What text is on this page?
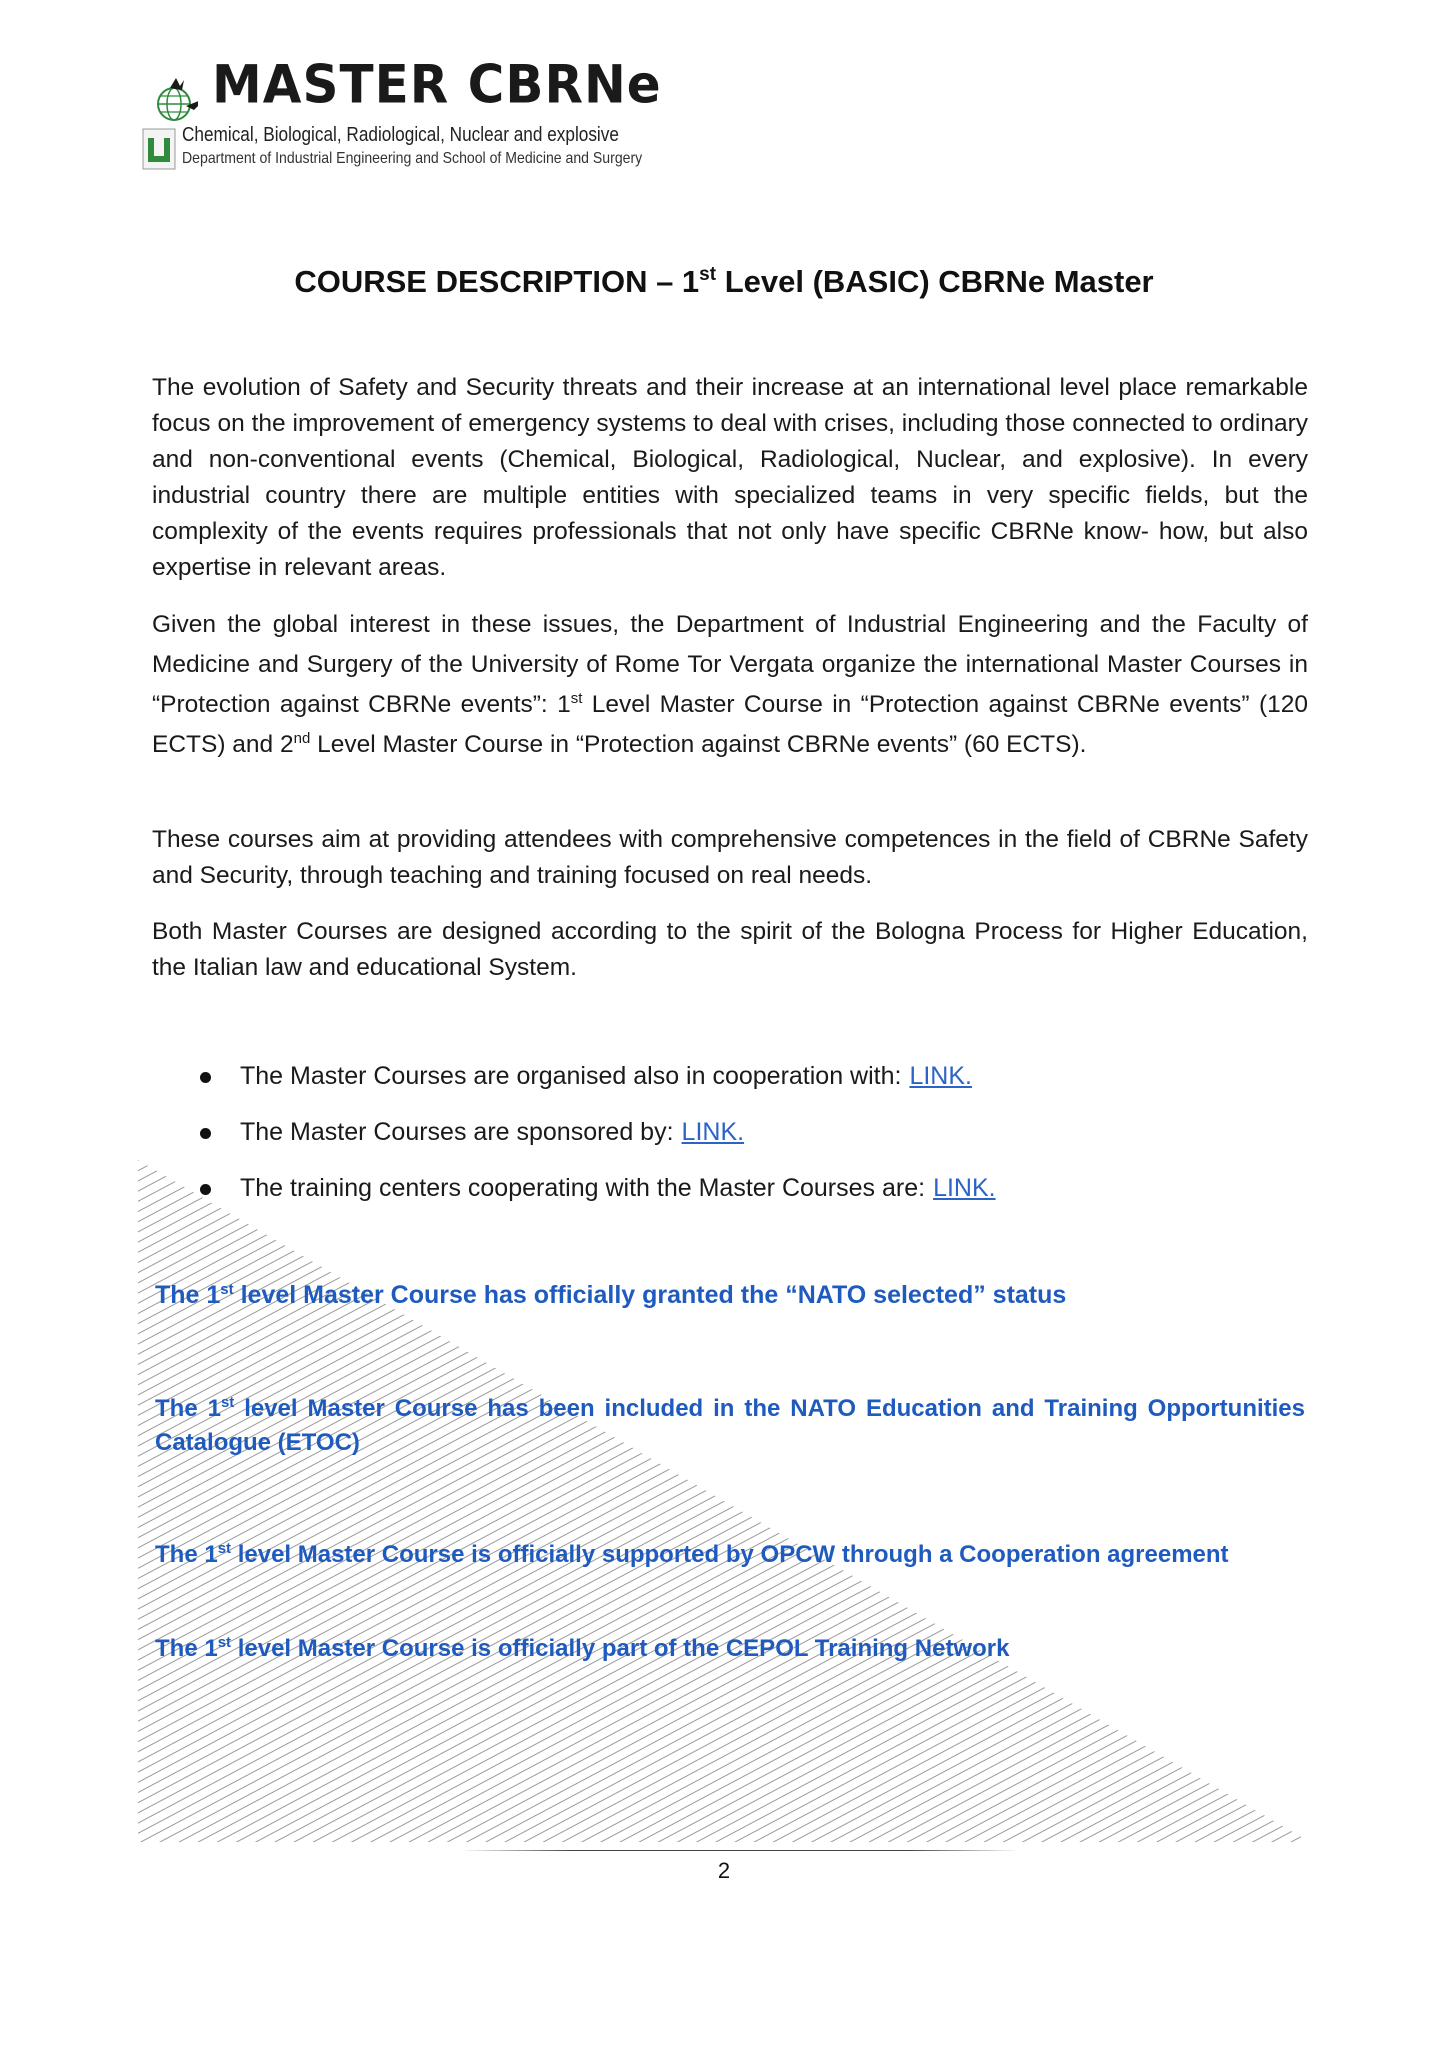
MASTER CBRNe
Chemical, Biological, Radiological, Nuclear and explosive
Department of Industrial Engineering and School of Medicine and Surgery
COURSE DESCRIPTION – 1st Level (BASIC) CBRNe Master

The evolution of Safety and Security threats and their increase at an international level place remarkable focus on the improvement of emergency systems to deal with crises, including those connected to ordinary and non-conventional events (Chemical, Biological, Radiological, Nuclear, and explosive). In every industrial country there are multiple entities with specialized teams in very specific fields, but the complexity of the events requires professionals that not only have specific CBRNe know- how, but also expertise in relevant areas.

Given the global interest in these issues, the Department of Industrial Engineering and the Faculty of Medicine and Surgery of the University of Rome Tor Vergata organize the international Master Courses in “Protection against CBRNe events”: 1st Level Master Course in “Protection against CBRNe events” (120 ECTS) and 2nd Level Master Course in “Protection against CBRNe events” (60 ECTS).

These courses aim at providing attendees with comprehensive competences in the field of CBRNe Safety and Security, through teaching and training focused on real needs.

Both Master Courses are designed according to the spirit of the Bologna Process for Higher Education, the Italian law and educational System.

The Master Courses are organised also in cooperation with: LINK.
The Master Courses are sponsored by: LINK.
The training centers cooperating with the Master Courses are: LINK.
The 1st level Master Course has officially granted the “NATO selected” status
The 1st level Master Course has been included in the NATO Education and Training Opportunities Catalogue (ETOC)
The 1st level Master Course is officially supported by OPCW through a Cooperation agreement
The 1st level Master Course is officially part of the CEPOL Training Network
2
